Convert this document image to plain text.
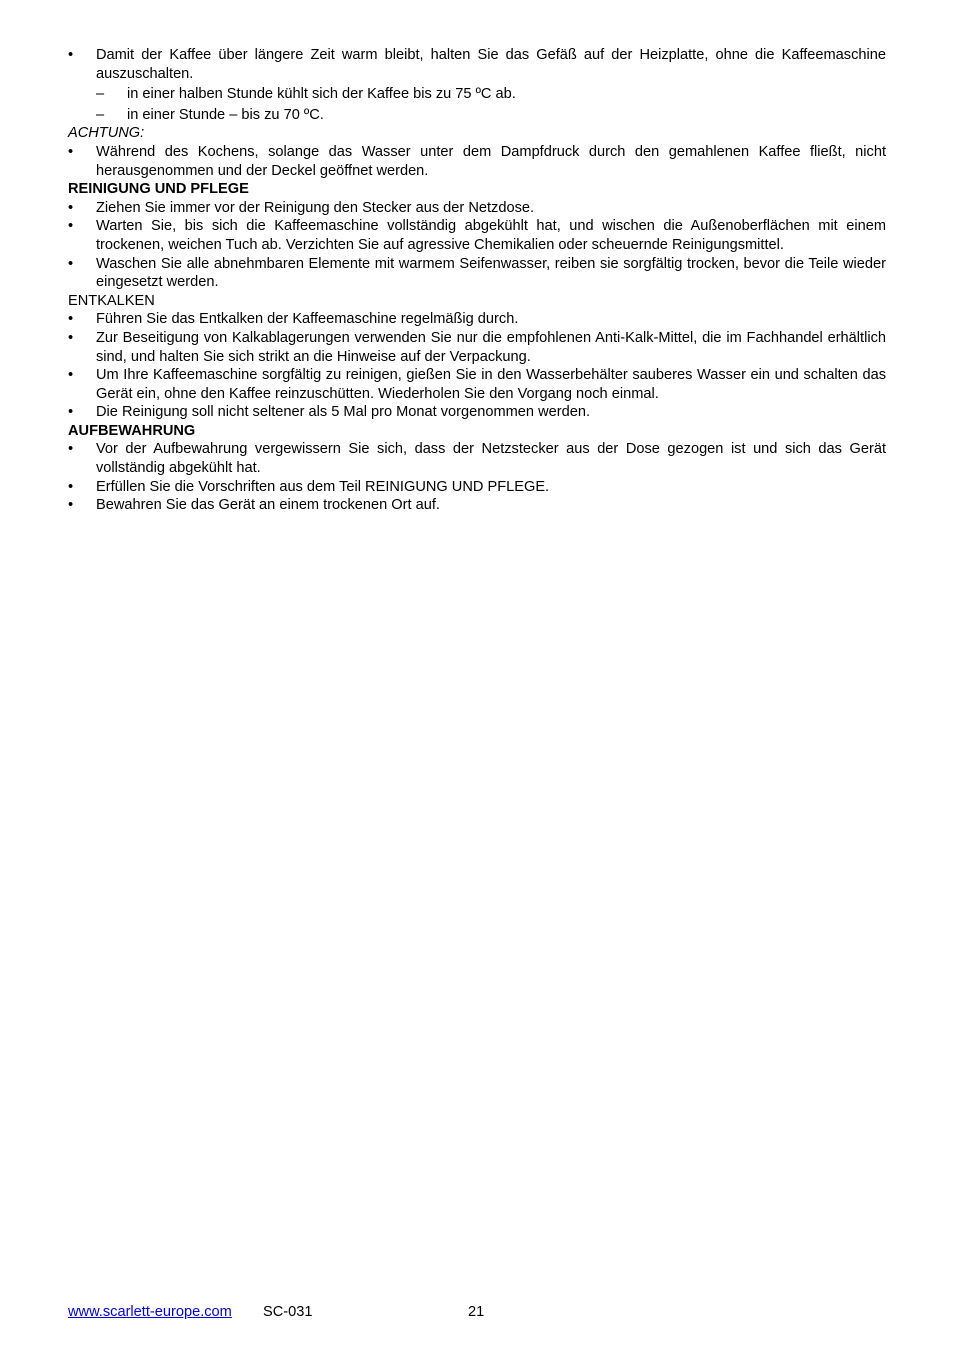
•	Damit der Kaffee über längere Zeit warm bleibt, halten Sie das Gefäß auf der Heizplatte, ohne die Kaffeemaschine auszuschalten.
– in einer halben Stunde kühlt sich der Kaffee bis zu 75 ºC ab.
– in einer Stunde – bis zu 70 ºC.
ACHTUNG:
•	Während des Kochens, solange das Wasser unter dem Dampfdruck durch den gemahlenen Kaffee fließt, nicht herausgenommen und der Deckel geöffnet werden.
REINIGUNG UND PFLEGE
•	Ziehen Sie immer vor der Reinigung den Stecker aus der Netzdose.
•	Warten Sie, bis sich die Kaffeemaschine vollständig abgekühlt hat, und wischen die Außenoberflächen mit einem trockenen, weichen Tuch ab. Verzichten Sie auf agressive Chemikalien oder scheuernde Reinigungsmittel.
•	Waschen Sie alle abnehmbaren Elemente mit warmem Seifenwasser, reiben sie sorgfältig trocken, bevor die Teile wieder eingesetzt werden.
ENTKALKEN
•	Führen Sie das Entkalken der Kaffeemaschine regelmäßig durch.
•	Zur Beseitigung von Kalkablagerungen verwenden Sie nur die empfohlenen Anti-Kalk-Mittel, die im Fachhandel erhältlich sind, und halten Sie sich strikt an die Hinweise auf der Verpackung.
•	Um Ihre Kaffeemaschine sorgfältig zu reinigen, gießen Sie in den Wasserbehälter sauberes Wasser ein und schalten das Gerät ein, ohne den Kaffee reinzuschütten. Wiederholen Sie den Vorgang noch einmal.
•	Die Reinigung soll nicht seltener als 5 Mal pro Monat vorgenommen werden.
AUFBEWAHRUNG
•	Vor der Aufbewahrung vergewissern Sie sich, dass der Netzstecker aus der Dose gezogen ist und sich das Gerät vollständig abgekühlt hat.
•	Erfüllen Sie die Vorschriften aus dem Teil REINIGUNG UND PFLEGE.
•	Bewahren Sie das Gerät an einem trockenen Ort auf.
www.scarlett-europe.com SC-031	21
